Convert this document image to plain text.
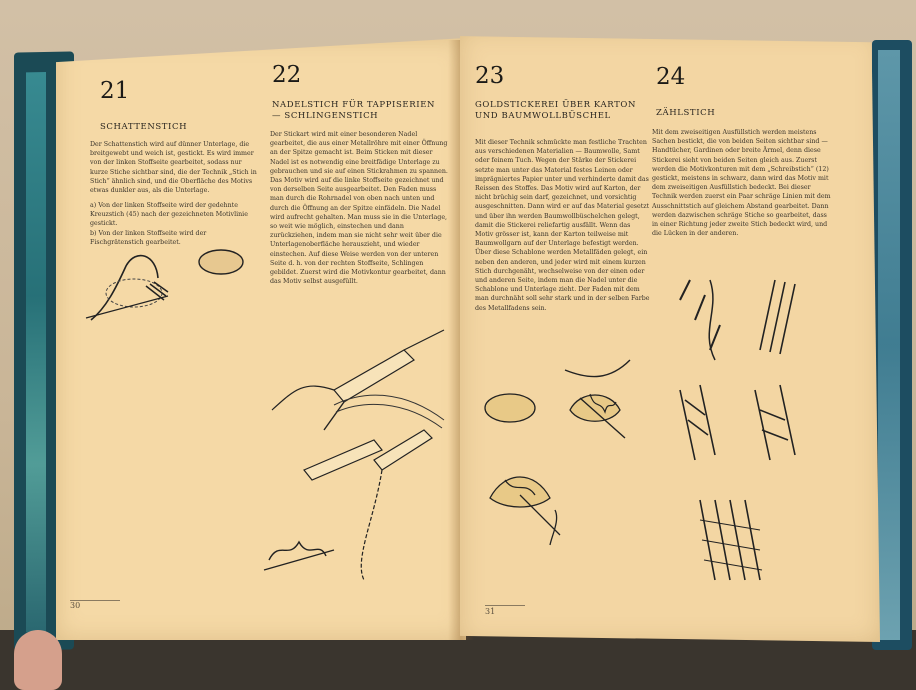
21
SCHATTENSTICH
Der Schattenstich wird auf dünner Unterlage, die breitgewebt und weich ist, gestickt. Es wird immer von der linken Stoffseite gearbeitet, sodass nur kurze Stiche sichtbar sind, die der Technik „Stich in Stich“ ähnlich sind, und die Oberfläche des Motivs etwas dunkler aus, als die Unterlage.
a) Von der linken Stoffseite wird der gedehnte Kreuzstich (45) nach der gezeichneten Motivlinie gestickt.
b) Von der linken Stoffseite wird der Fischgrätenstich gearbeitet.
22
NADELSTICH FÜR TAPPISERIEN — SCHLINGENSTICH
Der Stickart wird mit einer besonderen Nadel gearbeitet, die aus einer Metallröhre mit einer Öffnung an der Spitze gemacht ist. Beim Sticken mit dieser Nadel ist es notwendig eine breitfädige Unterlage zu gebrauchen und sie auf einen Stickrahmen zu spannen. Das Motiv wird auf die linke Stoffseite gezeichnet und von derselben Seite ausgearbeitet. Den Faden muss man durch die Rohrnadel von oben nach unten und durch die Öffnung an der Spitze einfädeln. Die Nadel wird aufrecht gehalten. Man muss sie in die Unterlage, so weit wie möglich, einstechen und dann zurückziehen, indem man sie nicht sehr weit über die Unterlagenoberfläche herauszieht, und wieder einstechen. Auf diese Weise werden von der unteren Seite d. h. von der rechten Stoffseite, Schlingen gebildet. Zuerst wird die Motivkontur gearbeitet, dann das Motiv selbst ausgefüllt.
30
23
GOLDSTICKEREI ÜBER KARTON UND BAUMWOLLBÜSCHEL
Mit dieser Technik schmückte man festliche Trachten aus verschiedenen Materialien — Baumwolle, Samt oder feinem Tuch. Wegen der Stärke der Stickerei setzte man unter das Material festes Leinen oder imprägniertes Papier unter und verhinderte damit das Reissen des Stoffes. Das Motiv wird auf Karton, der nicht brüchig sein darf, gezeichnet, und vorsichtig ausgeschnitten. Dann wird er auf das Material gesetzt und über ihn werden Baumwollbüschelchen gelegt, damit die Stickerei reliefartig ausfällt. Wenn das Motiv grösser ist, kann der Karton teilweise mit Baumwollgarn auf der Unterlage befestigt werden. Über diese Schablone werden Metallfäden gelegt, ein neben den anderen, und jeder wird mit einem kurzen Stich durchgenäht, wechselweise von der einen oder und anderen Seite, indem man die Nadel unter die Schablone und Unterlage zieht. Der Faden mit dem man durchnäht soll sehr stark und in der selben Farbe des Metallfadens sein.
24
ZÄHLSTICH
Mit dem zweiseitigen Ausfüllstich werden meistens Sachen bestickt, die von beiden Seiten sichtbar sind — Handtücher, Gardinen oder breite Ärmel, denn diese Stickerei sieht von beiden Seiten gleich aus. Zuerst werden die Motivkonturen mit dem „Schreibstich“ (12) gestickt, meistens in schwarz, dann wird das Motiv mit dem zweiseitigen Ausfüllstich bedeckt. Bei dieser Technik werden zuerst ein Paar schräge Linien mit dem Ausschnittstich auf gleichem Abstand gearbeitet. Dann werden dazwischen schräge Stiche so gearbeitet, dass in einer Richtung jeder zweite Stich bedeckt wird, und die Lücken in der anderen.
31
